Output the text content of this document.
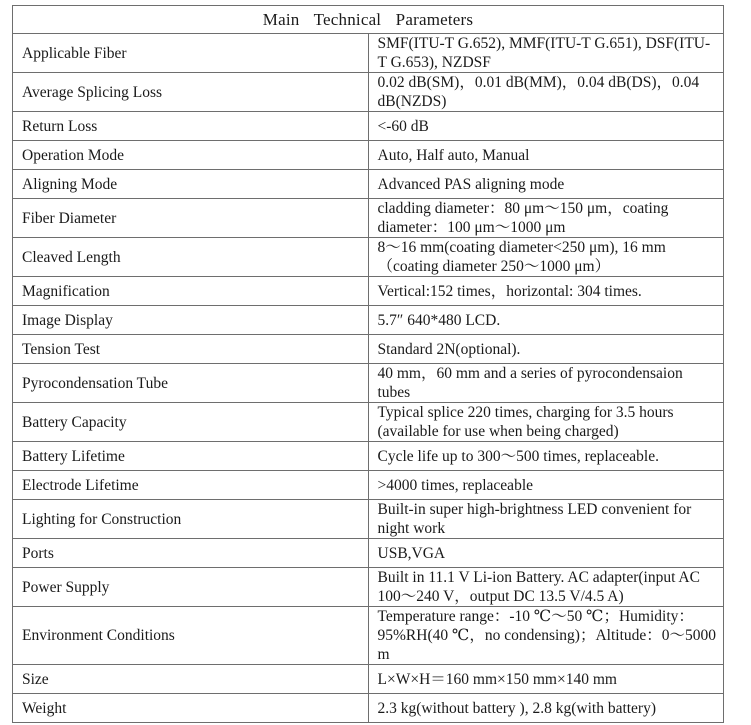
Main Technical Parameters	
Applicable Fiber	SMF(ITU-T G.652), MMF(ITU-T G.651), DSF(ITU-T G.653), NZDSF
Average Splicing Loss	0.02 dB(SM)，0.01 dB(MM)，0.04 dB(DS)，0.04 dB(NZDS)
Return Loss	<-60 dB
Operation Mode	Auto, Half auto, Manual
Aligning Mode	Advanced PAS aligning mode
Fiber Diameter	cladding diameter：80 μm～150 μm，coating diameter：100 μm～1000 μm
Cleaved Length	8～16 mm(coating diameter<250 μm), 16 mm（coating diameter 250～1000 μm）
Magnification	Vertical:152 times，horizontal: 304 times.
Image Display	5.7″ 640*480 LCD.
Tension Test	Standard 2N(optional).
Pyrocondensation Tube	40 mm，60 mm and a series of pyrocondensaion tubes
Battery Capacity	Typical splice 220 times, charging for 3.5 hours (available for use when being charged)
Battery Lifetime	Cycle life up to 300～500 times, replaceable.
Electrode Lifetime	>4000 times, replaceable
Lighting for Construction	Built-in super high-brightness LED convenient for night work
Ports	USB,VGA
Power Supply	Built in 11.1 V Li-ion Battery. AC adapter(input AC 100～240 V，output DC 13.5 V/4.5 A)
Environment Conditions	Temperature range：-10 ℃～50 ℃；Humidity：95%RH(40 ℃，no condensing)；Altitude：0～5000 m
Size	L×W×H＝160 mm×150 mm×140 mm
Weight	2.3 kg(without battery ), 2.8 kg(with battery)
